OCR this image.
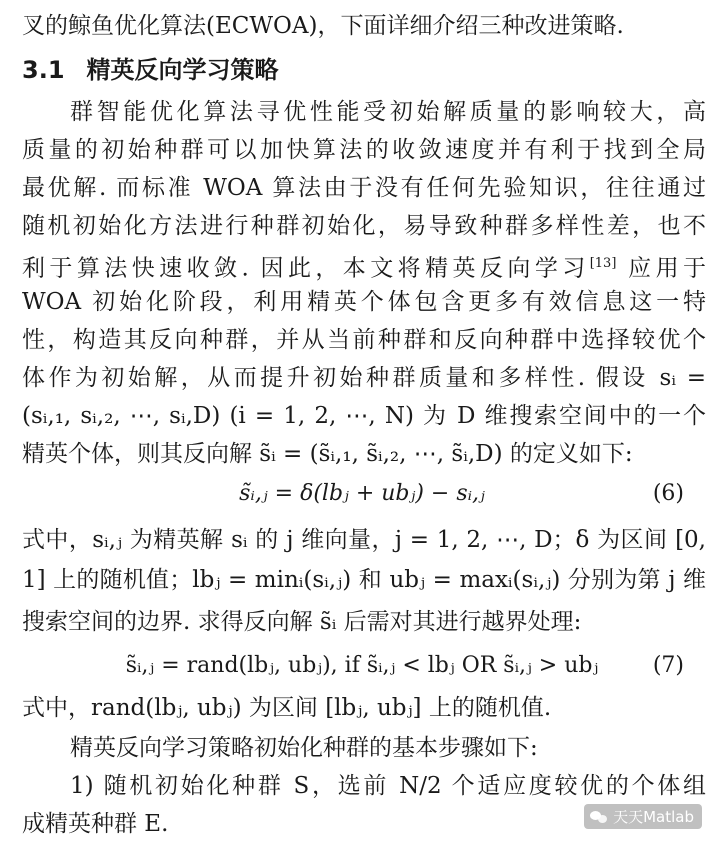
叉的鲸鱼优化算法(ECWOA)，下面详细介绍三种改进策略.
3.1 精英反向学习策略
群智能优化算法寻优性能受初始解质量的影响较大，高
质量的初始种群可以加快算法的收敛速度并有利于找到全局
最优解. 而标准 WOA 算法由于没有任何先验知识，往往通过
随机初始化方法进行种群初始化，易导致种群多样性差，也不
利于算法快速收敛. 因此，本文将精英反向学习[13] 应用于
WOA 初始化阶段，利用精英个体包含更多有效信息这一特
性，构造其反向种群，并从当前种群和反向种群中选择较优个
体作为初始解，从而提升初始种群质量和多样性. 假设 sᵢ =
(sᵢ,₁, sᵢ,₂, ⋯, sᵢ,D) (i = 1, 2, ⋯, N) 为 D 维搜索空间中的一个
精英个体，则其反向解 s̃ᵢ = (s̃ᵢ,₁, s̃ᵢ,₂, ⋯, s̃ᵢ,D) 的定义如下:
s̃ᵢ,ⱼ = δ(lbⱼ + ubⱼ) − sᵢ,ⱼ	(6)
式中，sᵢ,ⱼ 为精英解 sᵢ 的 j 维向量，j = 1, 2, ⋯, D；δ 为区间 [0,
1] 上的随机值；lbⱼ = minᵢ(sᵢ,ⱼ) 和 ubⱼ = maxᵢ(sᵢ,ⱼ) 分别为第 j 维
搜索空间的边界. 求得反向解 s̃ᵢ 后需对其进行越界处理:
s̃ᵢ,ⱼ = rand(lbⱼ, ubⱼ), if s̃ᵢ,ⱼ < lbⱼ OR s̃ᵢ,ⱼ > ubⱼ	(7)
式中，rand(lbⱼ, ubⱼ) 为区间 [lbⱼ, ubⱼ] 上的随机值.
精英反向学习策略初始化种群的基本步骤如下:
1) 随机初始化种群 S，选前 N/2 个适应度较优的个体组
成精英种群 E.	天天Matlab
